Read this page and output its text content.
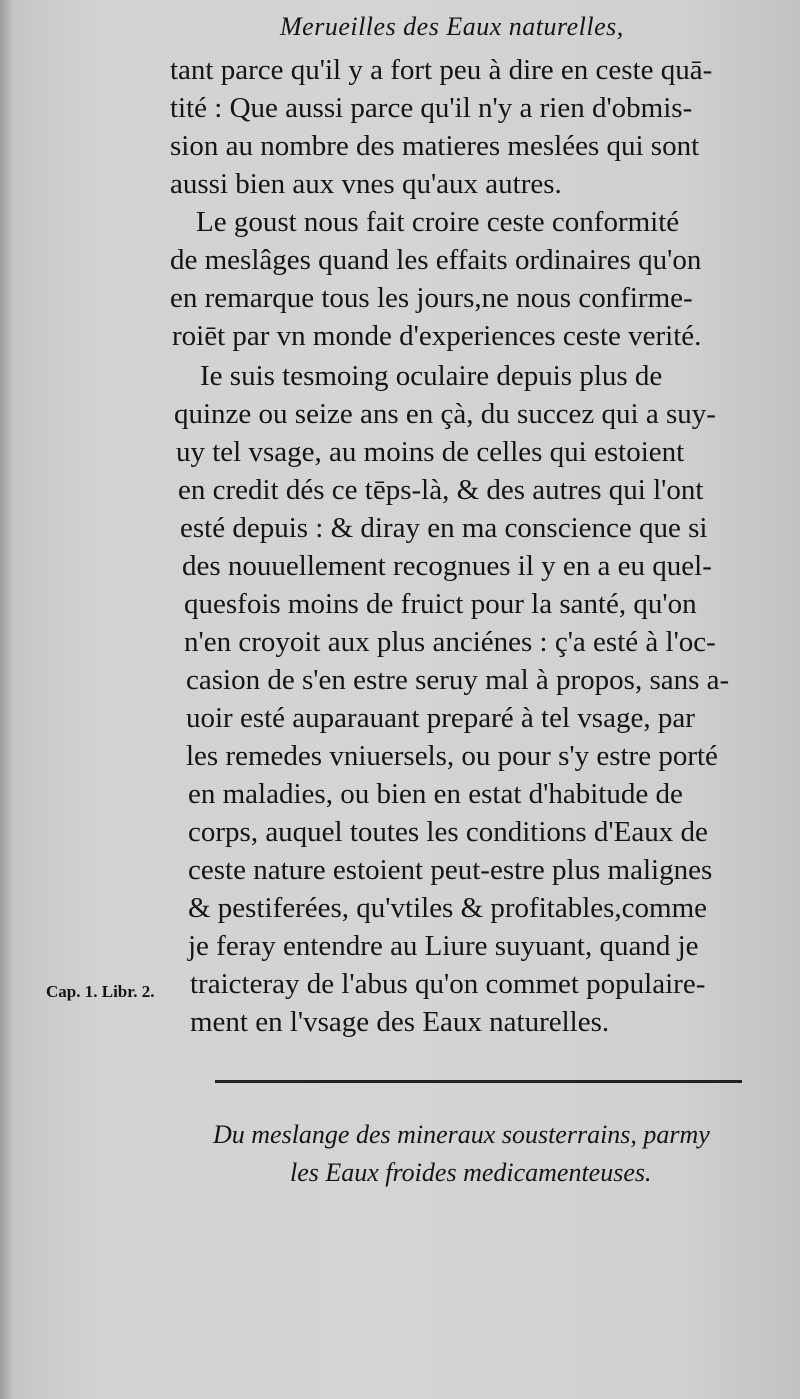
Merueilles des Eaux naturelles,
tant parce qu'il y a fort peu à dire en ceste quā-
tité : Que aussi parce qu'il n'y a rien d'obmis-
sion au nombre des matieres meslées qui sont
aussi bien aux vnes qu'aux autres.
Le goust nous fait croire ceste conformité
de meslâges quand les effaits ordinaires qu'on
en remarque tous les jours,ne nous confirme-
roiēt par vn monde d'experiences ceste verité.
Ie suis tesmoing oculaire depuis plus de
quinze ou seize ans en çà, du succez qui a suy-
uy tel vsage, au moins de celles qui estoient
en credit dés ce tēps-là, & des autres qui l'ont
esté depuis : & diray en ma conscience que si
des nouuellement recognues il y en a eu quel-
quesfois moins de fruict pour la santé, qu'on
n'en croyoit aux plus anciénes : ç'a esté à l'oc-
casion de s'en estre seruy mal à propos, sans a-
uoir esté auparauant preparé à tel vsage, par
les remedes vniuersels, ou pour s'y estre porté
en maladies, ou bien en estat d'habitude de
corps, auquel toutes les conditions d'Eaux de
ceste nature estoient peut-estre plus malignes
& pestiferées, qu'vtiles & profitables,comme
je feray entendre au Liure suyuant, quand je
traicteray de l'abus qu'on commet populaire-
ment en l'vsage des Eaux naturelles.
Cap. 1. Libr. 2.
Du meslange des mineraux sousterrains, parmy
les Eaux froides medicamenteuses.
